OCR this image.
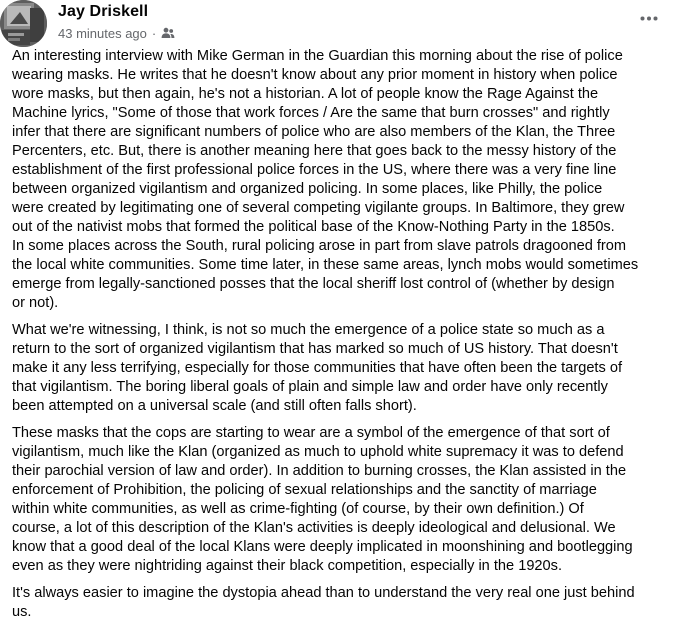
Jay Driskell
43 minutes ago ·

An interesting interview with Mike German in the Guardian this morning about the rise of police
wearing masks. He writes that he doesn't know about any prior moment in history when police
wore masks, but then again, he's not a historian. A lot of people know the Rage Against the
Machine lyrics, "Some of those that work forces / Are the same that burn crosses" and rightly
infer that there are significant numbers of police who are also members of the Klan, the Three
Percenters, etc. But, there is another meaning here that goes back to the messy history of the
establishment of the first professional police forces in the US, where there was a very fine line
between organized vigilantism and organized policing. In some places, like Philly, the police
were created by legitimating one of several competing vigilante groups. In Baltimore, they grew
out of the nativist mobs that formed the political base of the Know-Nothing Party in the 1850s.
In some places across the South, rural policing arose in part from slave patrols dragooned from
the local white communities. Some time later, in these same areas, lynch mobs would sometimes
emerge from legally-sanctioned posses that the local sheriff lost control of (whether by design
or not).

What we're witnessing, I think, is not so much the emergence of a police state so much as a
return to the sort of organized vigilantism that has marked so much of US history. That doesn't
make it any less terrifying, especially for those communities that have often been the targets of
that vigilantism. The boring liberal goals of plain and simple law and order have only recently
been attempted on a universal scale (and still often falls short).

These masks that the cops are starting to wear are a symbol of the emergence of that sort of
vigilantism, much like the Klan (organized as much to uphold white supremacy it was to defend
their parochial version of law and order). In addition to burning crosses, the Klan assisted in the
enforcement of Prohibition, the policing of sexual relationships and the sanctity of marriage
within white communities, as well as crime-fighting (of course, by their own definition.) Of
course, a lot of this description of the Klan's activities is deeply ideological and delusional. We
know that a good deal of the local Klans were deeply implicated in moonshining and bootlegging
even as they were nightriding against their black competition, especially in the 1920s.

It's always easier to imagine the dystopia ahead than to understand the very real one just behind
us.
